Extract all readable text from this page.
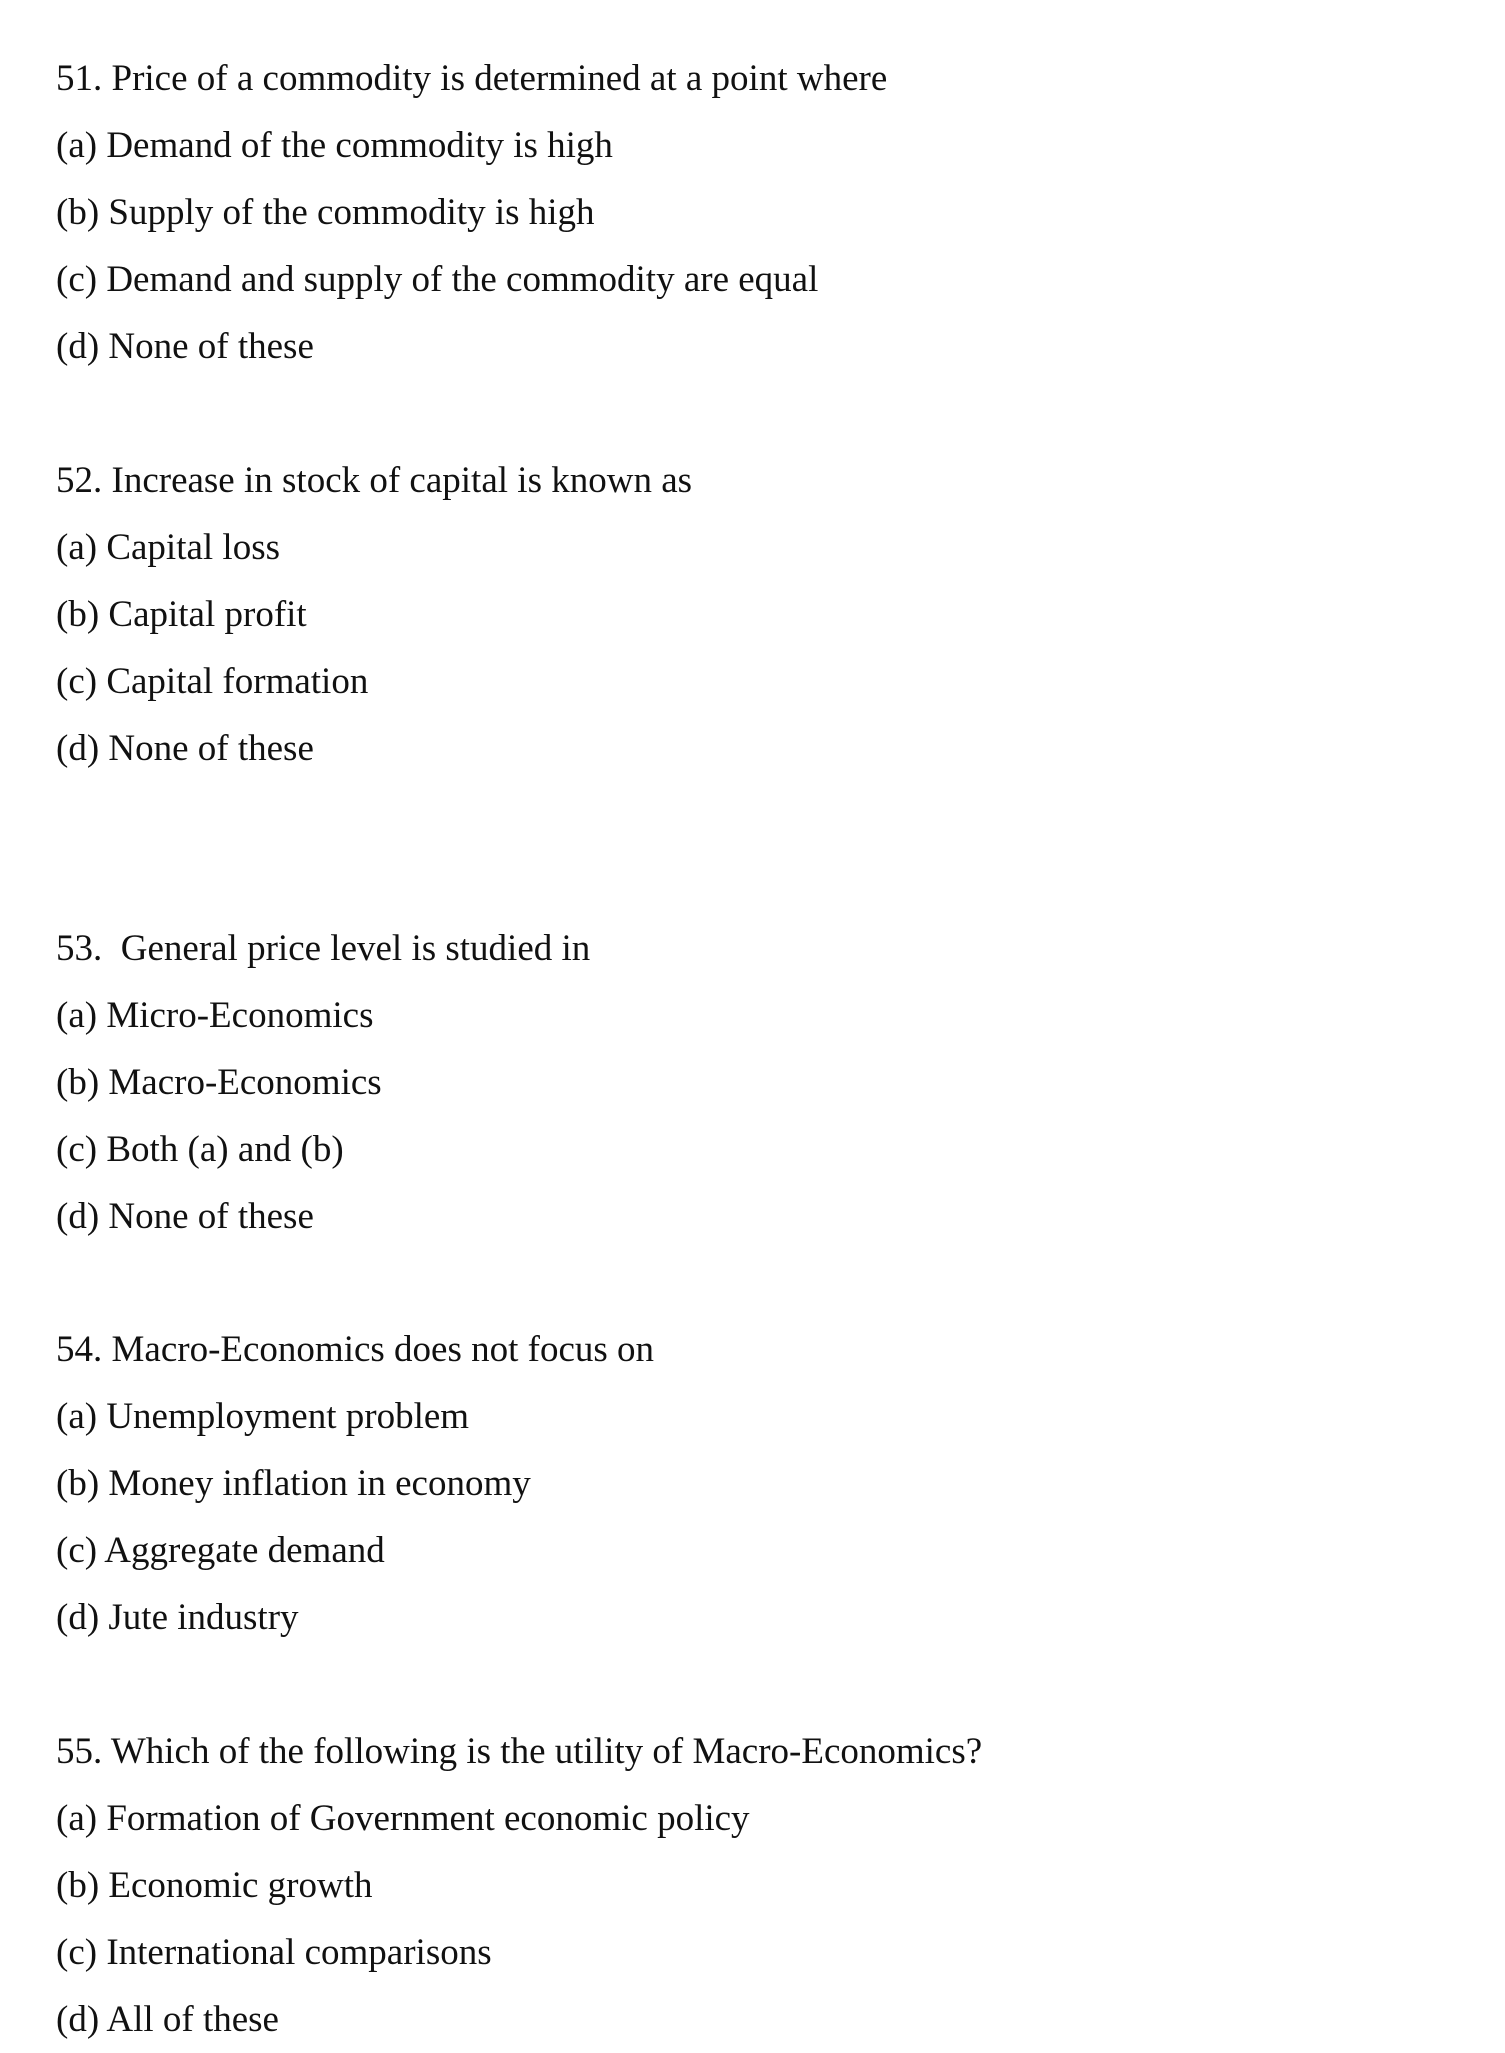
51. Price of a commodity is determined at a point where
(a) Demand of the commodity is high
(b) Supply of the commodity is high
(c) Demand and supply of the commodity are equal
(d) None of these
52. Increase in stock of capital is known as
(a) Capital loss
(b) Capital profit
(c) Capital formation
(d) None of these
53.  General price level is studied in
(a) Micro-Economics
(b) Macro-Economics
(c) Both (a) and (b)
(d) None of these
54. Macro-Economics does not focus on
(a) Unemployment problem
(b) Money inflation in economy
(c) Aggregate demand
(d) Jute industry
55. Which of the following is the utility of Macro-Economics?
(a) Formation of Government economic policy
(b) Economic growth
(c) International comparisons
(d) All of these
